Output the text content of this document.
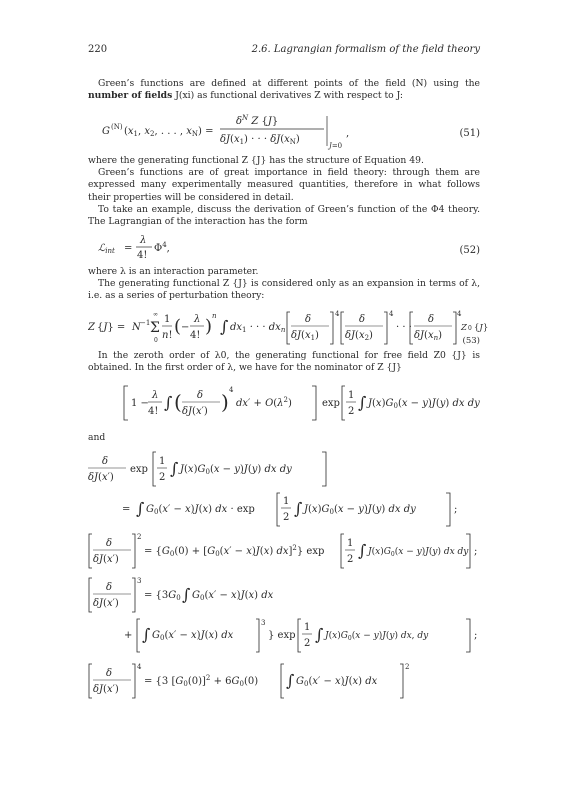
220	2.6. Lagrangian formalism of the field theory
Green’s functions are defined at different points of the field (N) using the number of fields J(xi) as functional derivatives Z with respect to J:
G (N) ($x_1$, $x_2$, . . . , $x_N$) =
$\delta^N$ Z {J}
$\delta J(x_1)$ · · · $\delta J(x_N)$
J=0
,	(51)
where the generating functional Z {J} has the structure of Equation 49.
Green’s functions are of great importance in field theory: through them are expressed many experimentally measured quantities, therefore in what follows their properties will be considered in detail.
To take an example, discuss the derivation of Green’s function of the Φ4 theory. The Lagrangian of the interaction has the form
ℒ$_{int}$ =
λ
4!
$\Phi^4$,	(52)
where λ is an interaction parameter.
The generating functional Z {J} is considered only as an expansion in terms of λ, i.e. as a series of perturbation theory:
Z {J} = N −1 Σ
∞
0
1
n! ( −
λ
4! ) n
∫ $dx_1$ · · · $dx_n$
δ
$\delta J(x_1)$
4 δ
$\delta J(x_2)$
4
· · ·
δ
$\delta J(x_n)$
4
Z 0
In the zeroth order of λ0, the generating functional for free field Z0 {J} is obtained. In the first order of λ, we have for the nominator of Z {J}
1 −
λ
4! ∫ ( δ
δJ(x′) ) 4
$dx' + O(\lambda^2)$	exp
1
2 ∫ $J(x)G_0(x - y)J(y)$ dx dy
and
δ
δJ(x′)
exp
1
2 ∫ $J(x)G_0(x - y)J(y)$ dx dy
= ∫ $G_0(x' - x)J(x)$ dx · exp
1
2 ∫ $J(x)G_0(x - y)J(y)$ dx dy	;
δ
δJ(x′)
2
= {$G_0(0) + [G_0(x' - x)J(x)$ dx]$^2$} exp
1
2 ∫ $J(x)G_0(x - y)J(y)$ dx dy ;
δ
δJ(x′)
3
= {$3G_0$ ∫ $G_0(x' - x)J(x)$ dx
+ ∫ $G_0(x' - x)J(x)$ dx
3
} exp
1
2 ∫ $J(x)G_0(x - y)J(y)$ dx, dy	;
δ
δJ(x′)
4
= {3 $[G_0(0)]^2 + 6G_0(0)$ ∫ $G_0(x' - x)J(x)$ dx
2
{J}
(53)
